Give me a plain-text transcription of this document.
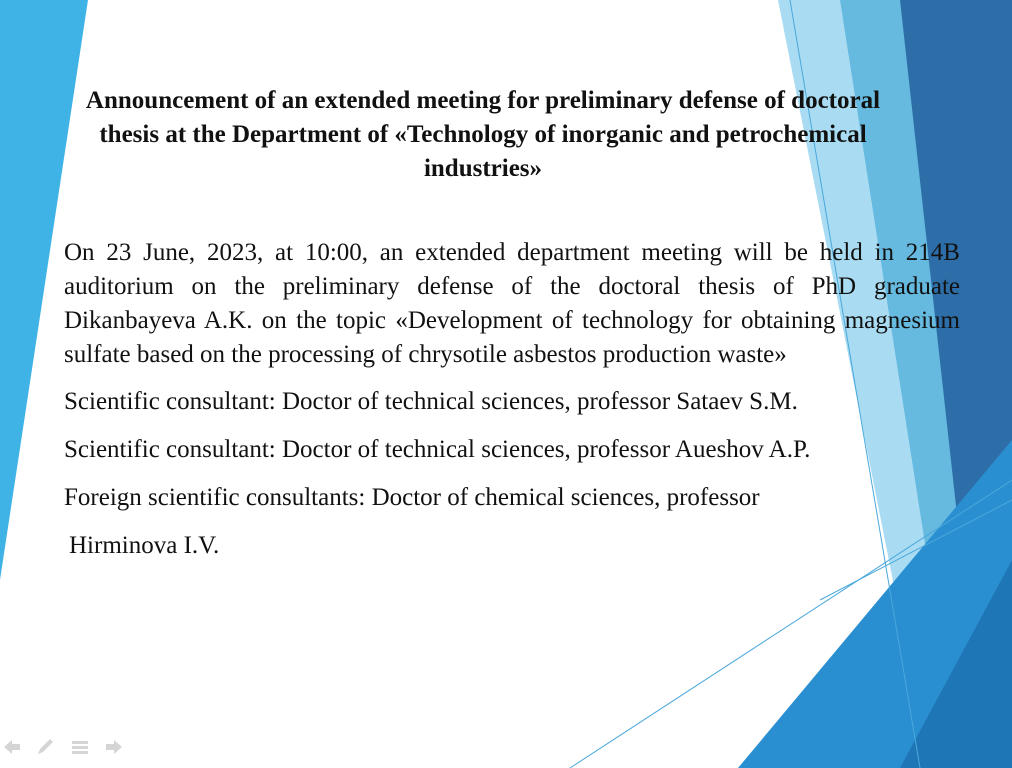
Announcement of an extended meeting for preliminary defense of doctoral thesis at the Department of «Technology of inorganic and petrochemical industries»

On 23 June, 2023, at 10:00, an extended department meeting will be held in 214B auditorium on the preliminary defense of the doctoral thesis of PhD graduate Dikanbayeva A.K. on the topic «Development of technology for obtaining magnesium sulfate based on the processing of chrysotile asbestos production waste»

Scientific consultant: Doctor of technical sciences, professor Sataev S.M.

Scientific consultant: Doctor of technical sciences, professor Aueshov A.P.

Foreign scientific consultants: Doctor of chemical sciences, professor

Hirminova I.V.
